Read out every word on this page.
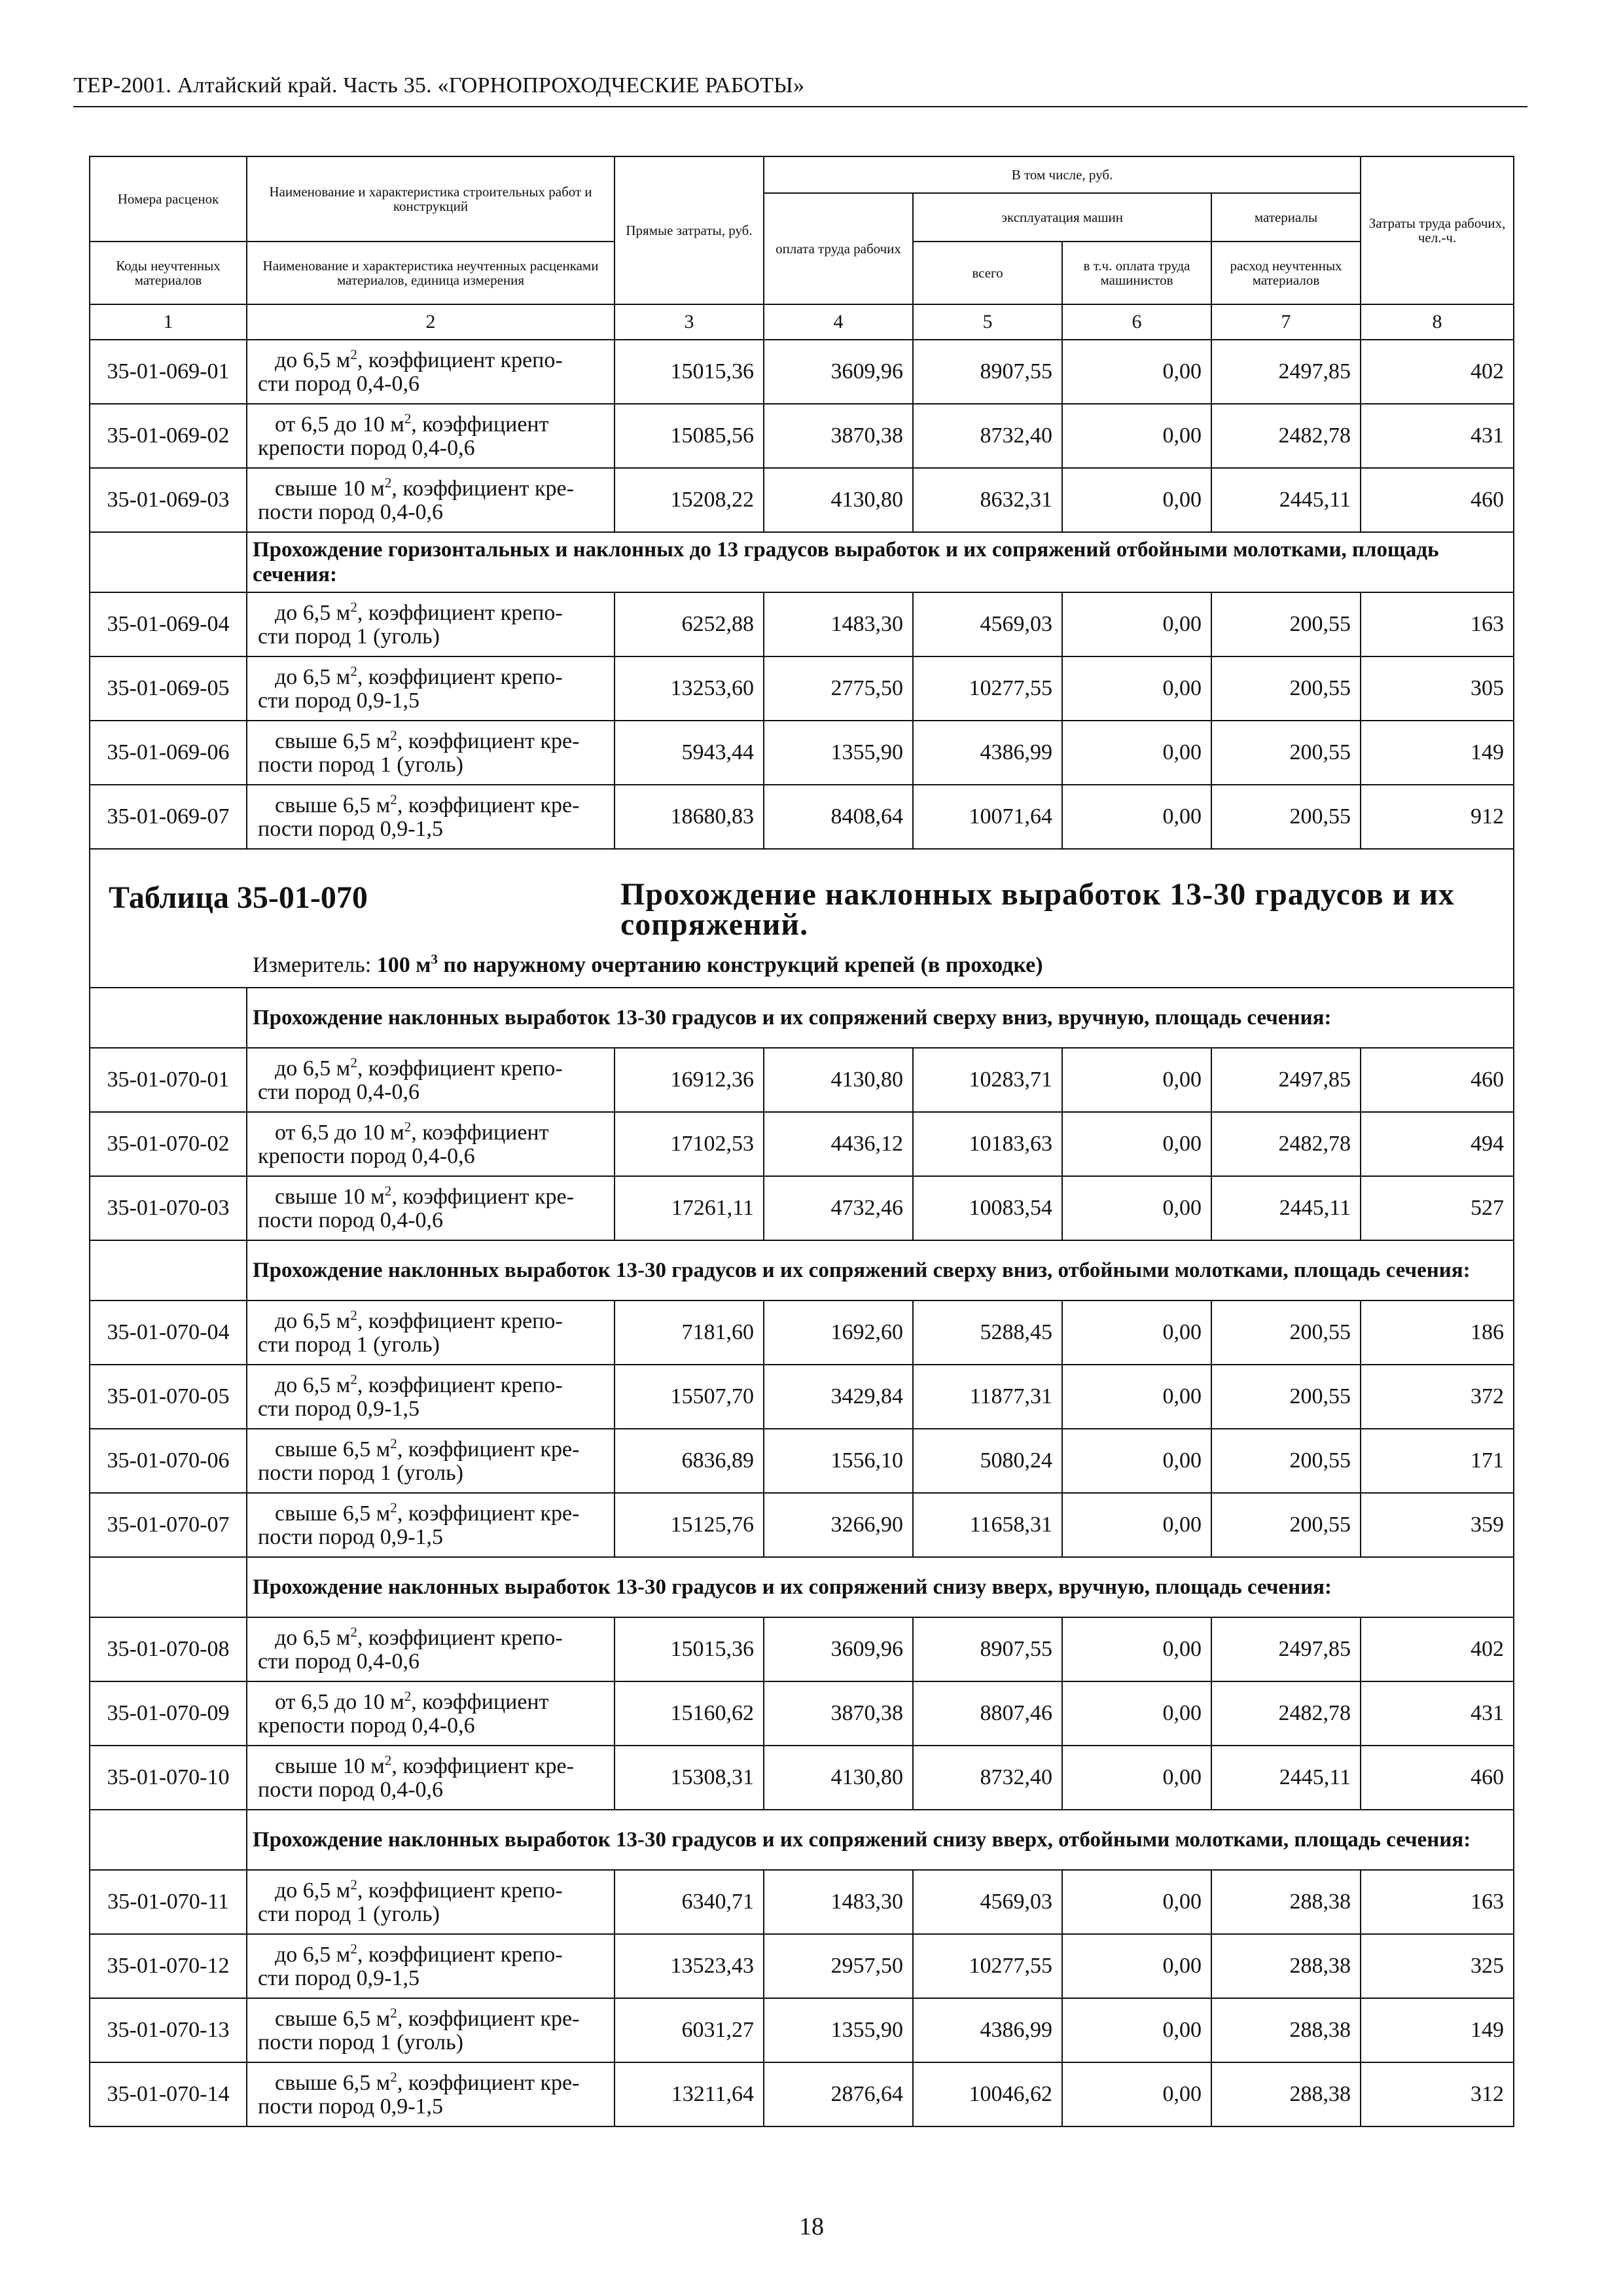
ТЕР-2001. Алтайский край. Часть 35. «ГОРНОПРОХОДЧЕСКИЕ РАБОТЫ»
Номера расценок	Наименование и характеристика строительных работ и конструкций	Прямые затраты, руб.	В том числе, руб.				Затраты труда рабочих, чел.-ч.
			оплата труда рабочих	эксплуатация машин		материалы	
Коды неучтенных материалов	Наименование и характеристика неучтенных расценками материалов, единица измерения			всего	в т.ч. оплата труда машинистов	расход неучтенных материалов	
1	2	3	4	5	6	7	8
35-01-069-01	до 6,5 $м^2$, коэффициент крепо-
сти пород 0,4-0,6	15015,36	3609,96	8907,55	0,00	2497,85	402
35-01-069-02	от 6,5 до 10 $м^2$, коэффициент
крепости пород 0,4-0,6	15085,56	3870,38	8732,40	0,00	2482,78	431
35-01-069-03	свыше 10 $м^2$, коэффициент кре-
пости пород 0,4-0,6	15208,22	4130,80	8632,31	0,00	2445,11	460
	Прохождение горизонтальных и наклонных до 13 градусов выработок и их сопряжений отбойными молотками, площадь сечения:						
35-01-069-04	до 6,5 $м^2$, коэффициент крепо-
сти пород 1 (уголь)	6252,88	1483,30	4569,03	0,00	200,55	163
35-01-069-05	до 6,5 $м^2$, коэффициент крепо-
сти пород 0,9-1,5	13253,60	2775,50	10277,55	0,00	200,55	305
35-01-069-06	свыше 6,5 $м^2$, коэффициент кре-
пости пород 1 (уголь)	5943,44	1355,90	4386,99	0,00	200,55	149
35-01-069-07	свыше 6,5 $м^2$, коэффициент кре-
пости пород 0,9-1,5	18680,83	8408,64	10071,64	0,00	200,55	912

Таблица 35-01-070 Прохождение наклонных выработок 13-30 градусов и их сопряжений.
Измеритель: 100 $м^3$ по наружному очертанию конструкций крепей (в проходке)							

	Прохождение наклонных выработок 13-30 градусов и их сопряжений сверху вниз, вручную, площадь сечения:						
35-01-070-01	до 6,5 $м^2$, коэффициент крепо-
сти пород 0,4-0,6	16912,36	4130,80	10283,71	0,00	2497,85	460
35-01-070-02	от 6,5 до 10 $м^2$, коэффициент
крепости пород 0,4-0,6	17102,53	4436,12	10183,63	0,00	2482,78	494
35-01-070-03	свыше 10 $м^2$, коэффициент кре-
пости пород 0,4-0,6	17261,11	4732,46	10083,54	0,00	2445,11	527
	Прохождение наклонных выработок 13-30 градусов и их сопряжений сверху вниз, отбойными молотками, площадь сечения:						
35-01-070-04	до 6,5 $м^2$, коэффициент крепо-
сти пород 1 (уголь)	7181,60	1692,60	5288,45	0,00	200,55	186
35-01-070-05	до 6,5 $м^2$, коэффициент крепо-
сти пород 0,9-1,5	15507,70	3429,84	11877,31	0,00	200,55	372
35-01-070-06	свыше 6,5 $м^2$, коэффициент кре-
пости пород 1 (уголь)	6836,89	1556,10	5080,24	0,00	200,55	171
35-01-070-07	свыше 6,5 $м^2$, коэффициент кре-
пости пород 0,9-1,5	15125,76	3266,90	11658,31	0,00	200,55	359
	Прохождение наклонных выработок 13-30 градусов и их сопряжений снизу вверх, вручную, площадь сечения:						
35-01-070-08	до 6,5 $м^2$, коэффициент крепо-
сти пород 0,4-0,6	15015,36	3609,96	8907,55	0,00	2497,85	402
35-01-070-09	от 6,5 до 10 $м^2$, коэффициент
крепости пород 0,4-0,6	15160,62	3870,38	8807,46	0,00	2482,78	431
35-01-070-10	свыше 10 $м^2$, коэффициент кре-
пости пород 0,4-0,6	15308,31	4130,80	8732,40	0,00	2445,11	460
	Прохождение наклонных выработок 13-30 градусов и их сопряжений снизу вверх, отбойными молотками, площадь сечения:						
35-01-070-11	до 6,5 $м^2$, коэффициент крепо-
сти пород 1 (уголь)	6340,71	1483,30	4569,03	0,00	288,38	163
35-01-070-12	до 6,5 $м^2$, коэффициент крепо-
сти пород 0,9-1,5	13523,43	2957,50	10277,55	0,00	288,38	325
35-01-070-13	свыше 6,5 $м^2$, коэффициент кре-
пости пород 1 (уголь)	6031,27	1355,90	4386,99	0,00	288,38	149
35-01-070-14	свыше 6,5 $м^2$, коэффициент кре-
пости пород 0,9-1,5	13211,64	2876,64	10046,62	0,00	288,38	312
18
